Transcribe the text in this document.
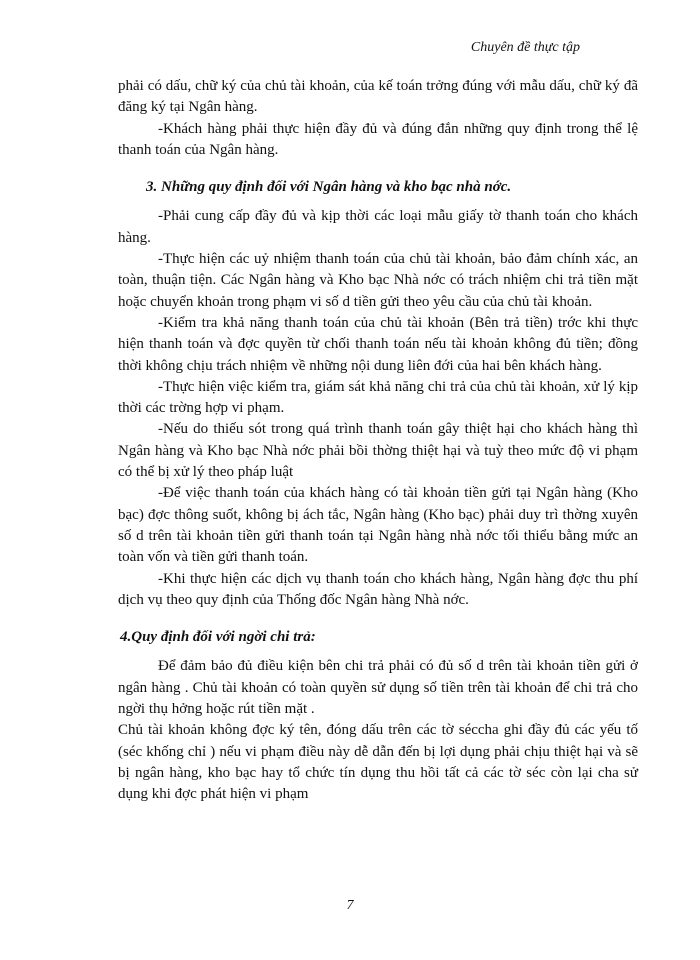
Chuyên đề thực tập

phải có dấu, chữ ký của chủ tài khoản, của kế toán trởng đúng với mẫu dấu, chữ ký đã đăng ký tại Ngân hàng.

-Khách hàng phải thực hiện đầy đủ và đúng đắn những quy định trong thể lệ thanh toán của Ngân hàng.

3. Những quy định đối với Ngân hàng và kho bạc nhà nớc.

-Phải cung cấp đầy đủ và kịp thời các loại mẫu giấy tờ thanh toán cho khách hàng.

-Thực hiện các uỷ nhiệm thanh toán của chủ tài khoản, bảo đảm chính xác, an toàn, thuận tiện. Các Ngân hàng và Kho bạc Nhà nớc có trách nhiệm chi trả tiền mặt hoặc chuyển khoản trong phạm vi số d tiền gửi theo yêu cầu của chủ tài khoản.

-Kiểm tra khả năng thanh toán của chủ tài khoản (Bên trả tiền) trớc khi thực hiện thanh toán và đợc quyền từ chối thanh toán nếu tài khoản không đủ tiền; đồng thời không chịu trách nhiệm về những nội dung liên đới của hai bên khách hàng.

-Thực hiện việc kiểm tra, giám sát khả năng chi trả của chủ tài khoản, xử lý kịp thời các trờng hợp vi phạm.

-Nếu do thiếu sót trong quá trình thanh toán gây thiệt hại cho khách hàng thì Ngân hàng và Kho bạc Nhà nớc phải bồi thờng thiệt hại và tuỳ theo mức độ vi phạm có thể bị xử lý theo pháp luật

-Để việc thanh toán của khách hàng có tài khoản tiền gửi tại Ngân hàng (Kho bạc) đợc thông suốt, không bị ách tắc, Ngân hàng (Kho bạc) phải duy trì thờng xuyên số d trên tài khoản tiền gửi thanh toán tại Ngân hàng nhà nớc tối thiểu bằng mức an toàn vốn và tiền gửi thanh toán.

-Khi thực hiện các dịch vụ thanh toán cho khách hàng, Ngân hàng đợc thu phí dịch vụ theo quy định của Thống đốc Ngân hàng Nhà nớc.

4.Quy định đối với ngời chi trả:

Để đảm bảo đủ điều kiện bên chi trả phải có đủ số d trên tài khoản tiền gửi ở ngân hàng . Chủ tài khoản có toàn quyền sử dụng số tiền trên tài khoản để chi trả cho ngời thụ hởng hoặc rút tiền mặt .

Chủ tài khoản không đợc ký tên, đóng dấu trên các tờ sécchа ghi đầy đủ các yếu tố (séc khống chỉ ) nếu vi phạm điều này dễ dẫn đến bị lợi dụng phải chịu thiệt hại và sẽ bị ngân hàng, kho bạc hay tổ chức tín dụng thu hồi tất cả các tờ séc còn lại cha sử dụng khi đợc phát hiện vi phạm

7
